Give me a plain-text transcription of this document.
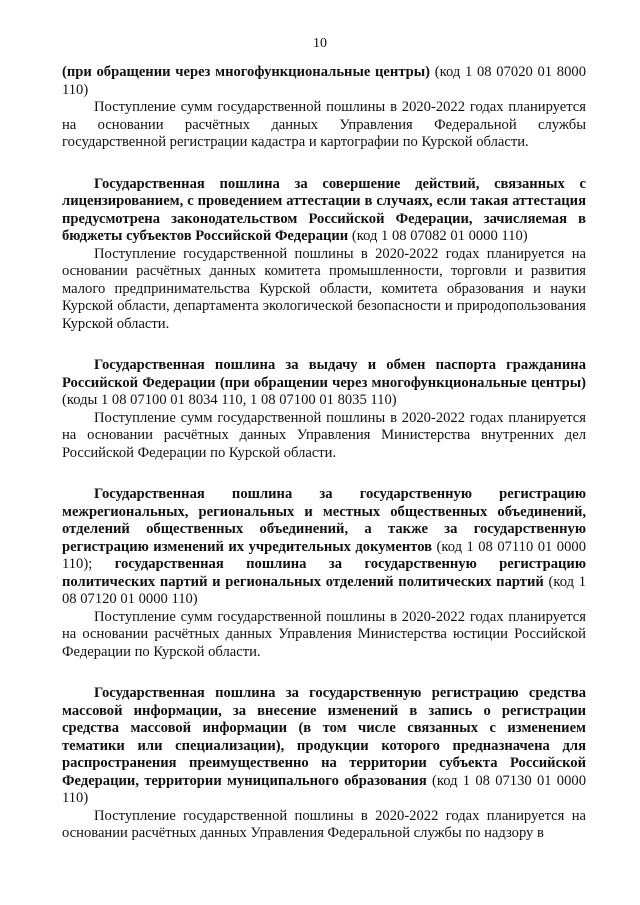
10

(при обращении через многофункциональные центры) (код 1 08 07020 01 8000 110)

Поступление сумм государственной пошлины в 2020-2022 годах планируется на основании расчётных данных Управления Федеральной службы государственной регистрации кадастра и картографии по Курской области.

Государственная пошлина за совершение действий, связанных с лицензированием, с проведением аттестации в случаях, если такая аттестация предусмотрена законодательством Российской Федерации, зачисляемая в бюджеты субъектов Российской Федерации (код 1 08 07082 01 0000 110)

Поступление государственной пошлины в 2020-2022 годах планируется на основании расчётных данных комитета промышленности, торговли и развития малого предпринимательства Курской области, комитета образования и науки Курской области, департамента экологической безопасности и природопользования Курской области.

Государственная пошлина за выдачу и обмен паспорта гражданина Российской Федерации (при обращении через многофункциональные центры) (коды 1 08 07100 01 8034 110, 1 08 07100 01 8035 110)

Поступление сумм государственной пошлины в 2020-2022 годах планируется на основании расчётных данных Управления Министерства внутренних дел Российской Федерации по Курской области.

Государственная пошлина за государственную регистрацию межрегиональных, региональных и местных общественных объединений, отделений общественных объединений, а также за государственную регистрацию изменений их учредительных документов (код 1 08 07110 01 0000 110); государственная пошлина за государственную регистрацию политических партий и региональных отделений политических партий (код 1 08 07120 01 0000 110)

Поступление сумм государственной пошлины в 2020-2022 годах планируется на основании расчётных данных Управления Министерства юстиции Российской Федерации по Курской области.

Государственная пошлина за государственную регистрацию средства массовой информации, за внесение изменений в запись о регистрации средства массовой информации (в том числе связанных с изменением тематики или специализации), продукции которого предназначена для распространения преимущественно на территории субъекта Российской Федерации, территории муниципального образования (код 1 08 07130 01 0000 110)

Поступление государственной пошлины в 2020-2022 годах планируется на основании расчётных данных Управления Федеральной службы по надзору в
